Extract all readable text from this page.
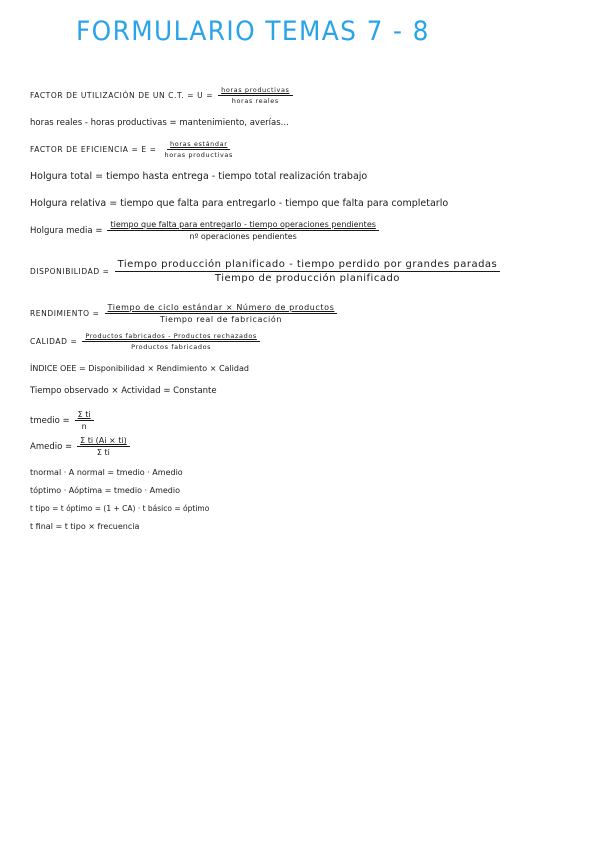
FORMULARIO TEMAS 7 - 8
FACTOR DE UTILIZACIÓN DE UN C.T. = $U = \frac{\text{horas productivas}}{\text{horas reales}}$
horas reales - horas productivas = mantenimiento, averías...
FACTOR DE EFICIENCIA = $E = \frac{\text{horas estándar}}{\text{horas productivas}}$
Holgura total = tiempo hasta entrega - tiempo total realización trabajo
Holgura relativa = tiempo que falta para entregarlo - tiempo que falta para completarlo
Holgura media =
tiempo que falta para entregarlo - tiempo operaciones pendientes
nº operaciones pendientes
DISPONIBILIDAD =
Tiempo producción planificado - tiempo perdido por grandes paradas
Tiempo de producción planificado
RENDIMIENTO = $\frac{\text{Tiempo de ciclo estándar × Número de productos}}{\text{Tiempo real de fabricación}}$
CALIDAD = $\frac{\text{Productos fabricados - Productos rechazados}}{\text{Productos fabricados}}$
ÍNDICE OEE = Disponibilidad × Rendimiento × Calidad
Tiempo observado × Actividad = Constante
tmedio = $\frac{\text{Σ ti}}{n}$
Amedio = $\frac{\text{Σ ti (Ai × ti)}}{\text{Σ ti}}$
tnormal · A normal = tmedio · Amedio
tóptimo · Aóptima = tmedio · Amedio
t tipo = t óptimo = (1 + CA) · t básico = óptimo
t final = t tipo × frecuencia
